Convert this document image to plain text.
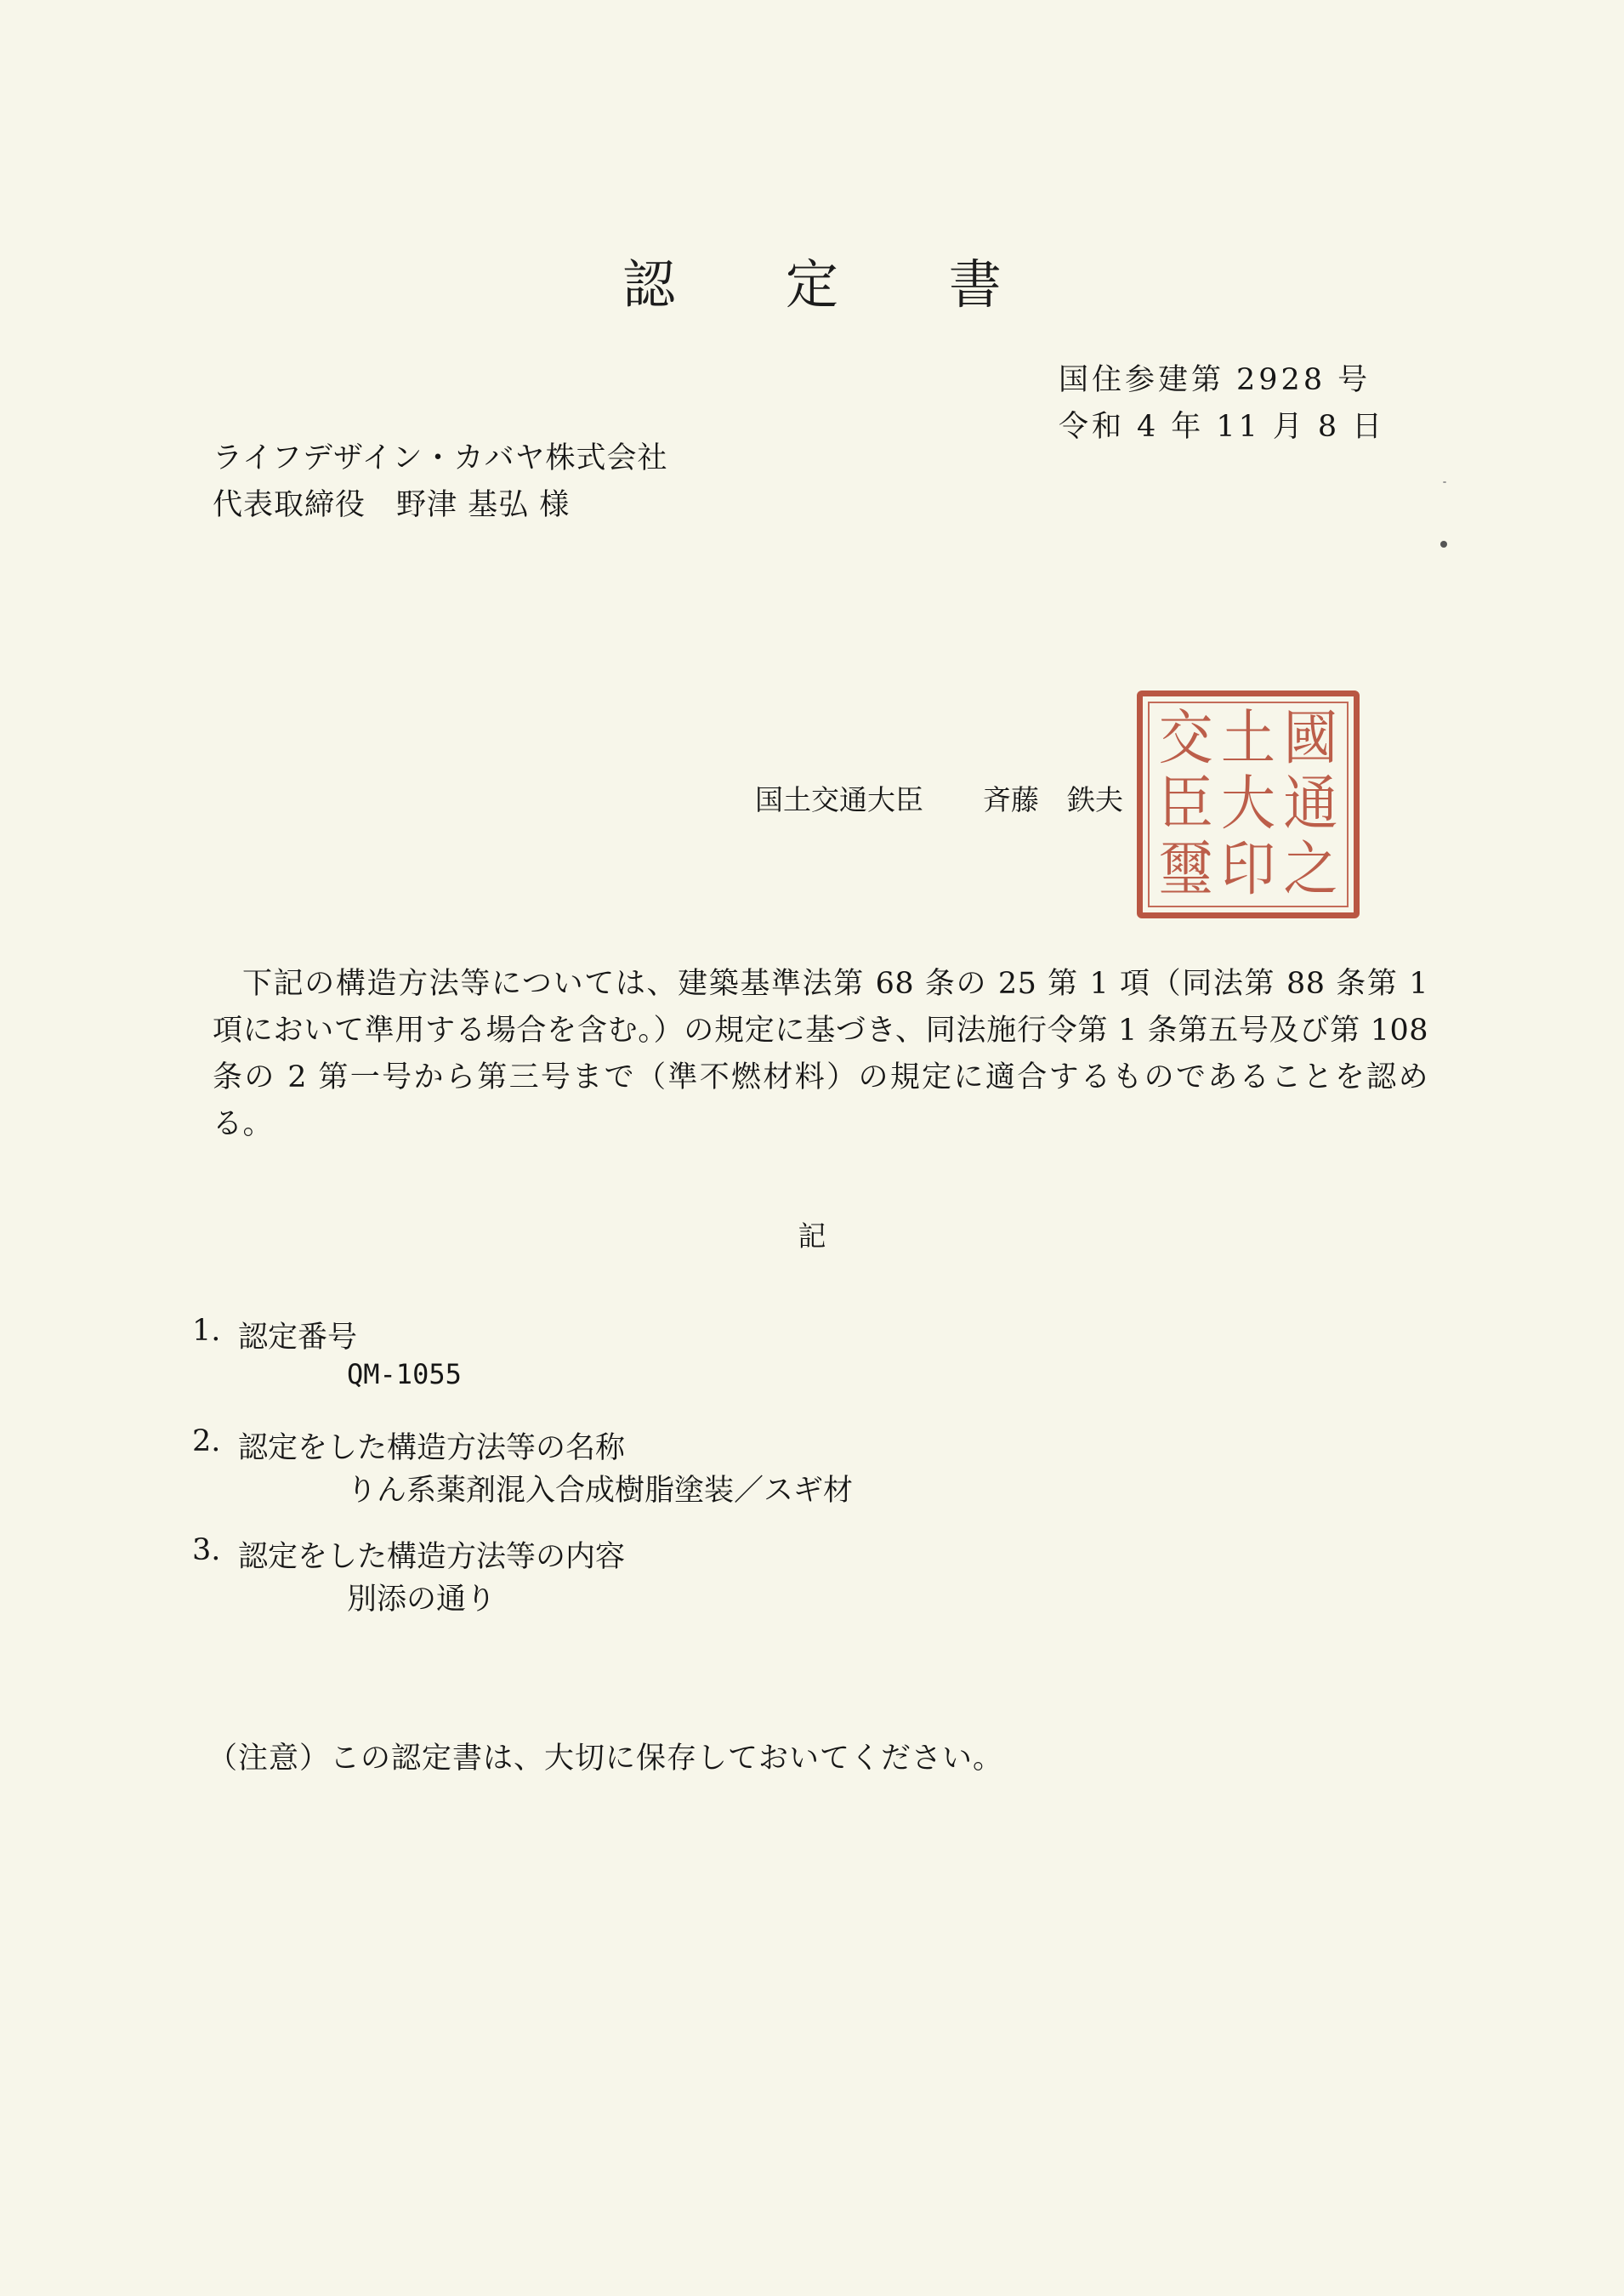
認 定 書
国住参建第 2928 号
令和 4 年 11 月 8 日
ライフデザイン・カバヤ株式会社
代表取締役　野津 基弘 様
国土交通大臣 斉藤　鉄夫
國
土
交
通
大
臣
之
印
璽
下記の構造方法等については、建築基準法第 68 条の 25 第 1 項（同法第 88 条第 1 項において準用する場合を含む。）の規定に基づき、同法施行令第 1 条第五号及び第 108 条の 2 第一号から第三号まで（準不燃材料）の規定に適合するものであることを認める。
記
1. 認定番号
QM-1055
2. 認定をした構造方法等の名称
りん系薬剤混入合成樹脂塗装／スギ材
3. 認定をした構造方法等の内容
別添の通り
（注意）この認定書は、大切に保存しておいてください。
